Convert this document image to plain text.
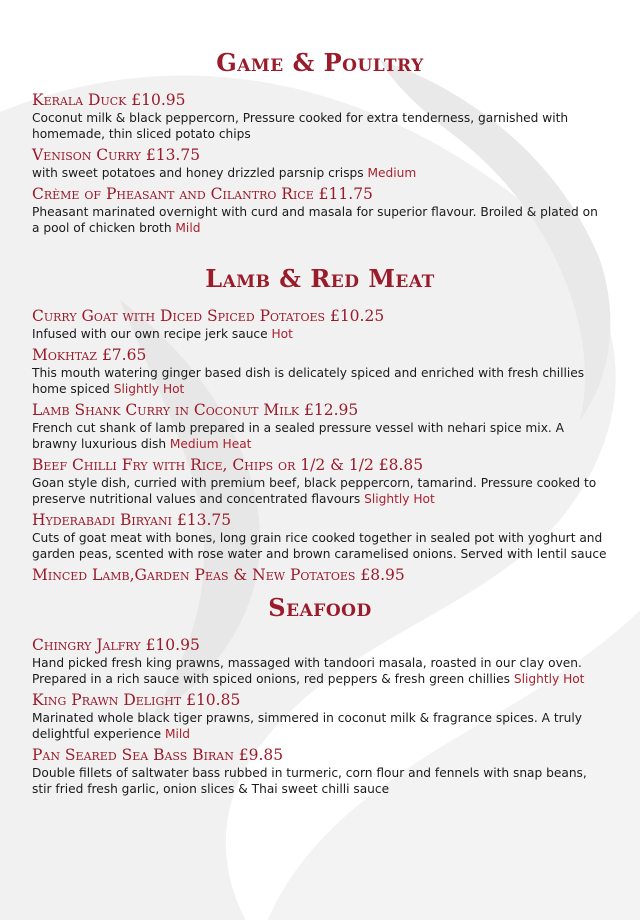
Game & Poultry
Kerala Duck £10.95
Coconut milk & black peppercorn, Pressure cooked for extra tenderness, garnished with homemade, thin sliced potato chips
Venison Curry £13.75
with sweet potatoes and honey drizzled parsnip crisps Medium
Crème of Pheasant and Cilantro Rice £11.75
Pheasant marinated overnight with curd and masala for superior flavour. Broiled & plated on a pool of chicken broth Mild
Lamb & Red Meat
Curry Goat with Diced Spiced Potatoes £10.25
Infused with our own recipe jerk sauce Hot
Mokhtaz £7.65
This mouth watering ginger based dish is delicately spiced and enriched with fresh chillies home spiced Slightly Hot
Lamb Shank Curry in Coconut Milk £12.95
French cut shank of lamb prepared in a sealed pressure vessel with nehari spice mix. A brawny luxurious dish Medium Heat
Beef Chilli Fry with Rice, Chips or 1/2 & 1/2 £8.85
Goan style dish, curried with premium beef, black peppercorn, tamarind. Pressure cooked to preserve nutritional values and concentrated flavours Slightly Hot
Hyderabadi Biryani £13.75
Cuts of goat meat with bones, long grain rice cooked together in sealed pot with yoghurt and garden peas, scented with rose water and brown caramelised onions. Served with lentil sauce
Minced Lamb,Garden Peas & New Potatoes £8.95
Seafood
Chingry Jalfry £10.95
Hand picked fresh king prawns, massaged with tandoori masala, roasted in our clay oven. Prepared in a rich sauce with spiced onions, red peppers & fresh green chillies Slightly Hot
King Prawn Delight £10.85
Marinated whole black tiger prawns, simmered in coconut milk & fragrance spices. A truly delightful experience Mild
Pan Seared Sea Bass Biran £9.85
Double fillets of saltwater bass rubbed in turmeric, corn flour and fennels with snap beans, stir fried fresh garlic, onion slices & Thai sweet chilli sauce
